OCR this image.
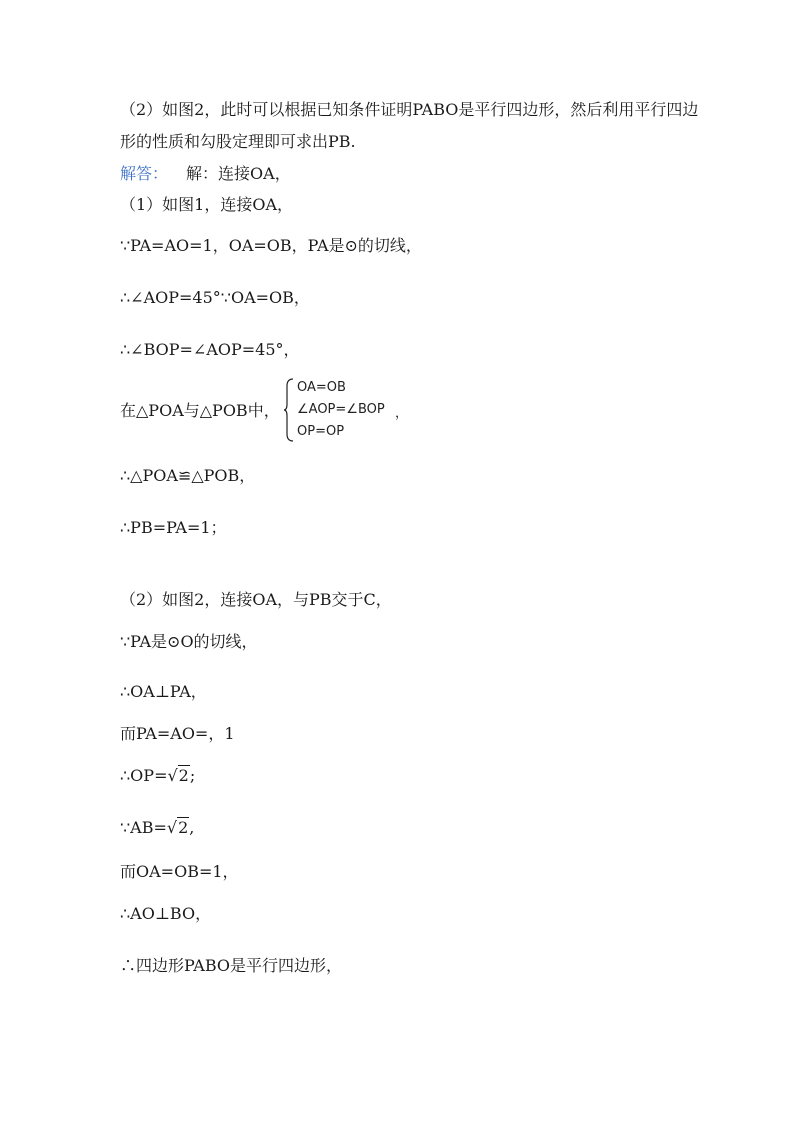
（2）如图2，此时可以根据已知条件证明PABO是平行四边形，然后利用平行四边
形的性质和勾股定理即可求出PB.
解答： 解：连接OA，
（1）如图1，连接OA，
∵PA=AO=1，OA=OB，PA是⊙的切线，
∴∠AOP=45°∵OA=OB，
∴∠BOP=∠AOP=45°，
在△POA与△POB中，
OA=OB
∠AOP=∠BOP
OP=OP
，
∴△POA≌△POB，
∴PB=PA=1；
（2）如图2，连接OA，与PB交于C，
∵PA是⊙O的切线，
∴OA⊥PA，
而PA=AO=，1
∴OP=√2;
∵AB=√2,
而OA=OB=1，
∴AO⊥BO，
∴四边形PABO是平行四边形，
